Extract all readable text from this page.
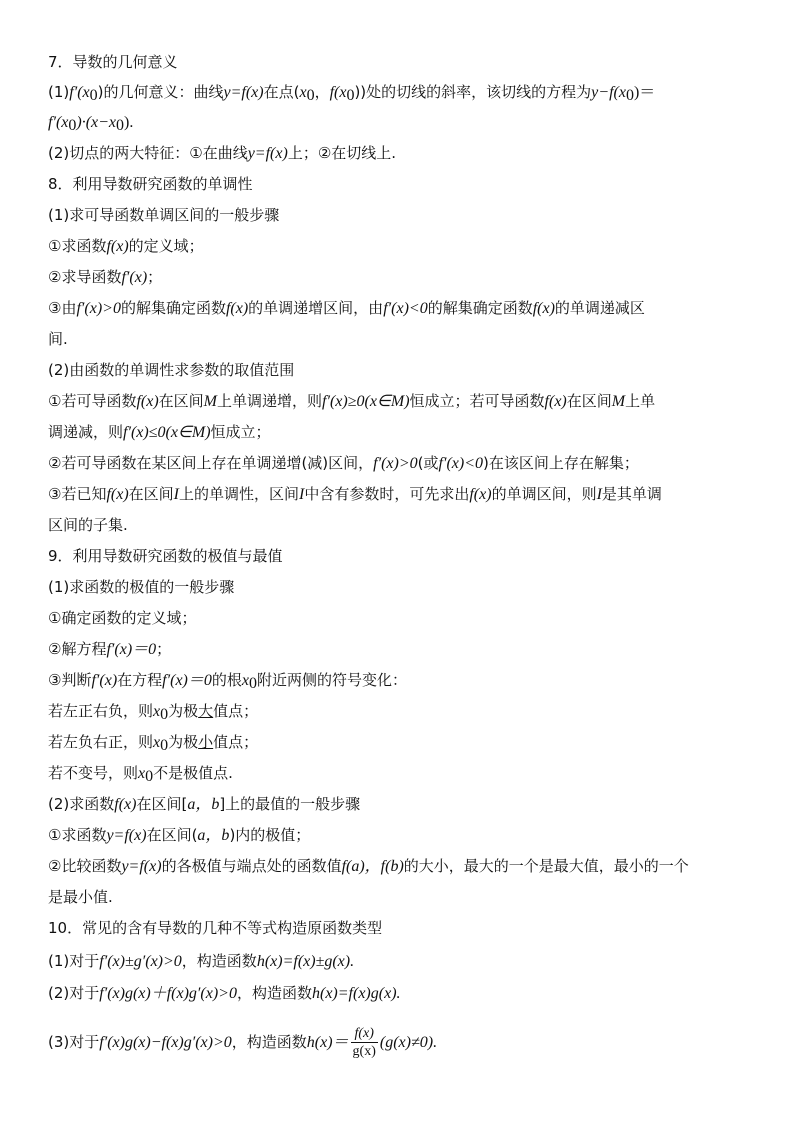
7．导数的几何意义
$(1)f'(x_0)$的几何意义：曲线y=f(x)在点($x_0$，$f(x_0)$)处的切线的斜率，该切线的方程为$y-f(x_0)=$
$f'(x_0)\cdot(x-x_0)$.
(2)切点的两大特征：①在曲线y=f(x)上；②在切线上.
8．利用导数研究函数的单调性
(1)求可导函数单调区间的一般步骤
①求函数f(x)的定义域；
②求导函数f′(x)；
③由f′(x)>0的解集确定函数f(x)的单调递增区间，由f′(x)<0的解集确定函数f(x)的单调递减区
间.
(2)由函数的单调性求参数的取值范围
①若可导函数f(x)在区间M上单调递增，则f′(x)≥0(x∈M)恒成立；若可导函数f(x)在区间M上单
调递减，则f′(x)≤0(x∈M)恒成立；
②若可导函数在某区间上存在单调递增(减)区间，f′(x)>0(或f′(x)<0)在该区间上存在解集；
③若已知f(x)在区间I上的单调性，区间I中含有参数时，可先求出f(x)的单调区间，则I是其单调
区间的子集.
9．利用导数研究函数的极值与最值
(1)求函数的极值的一般步骤
①确定函数的定义域；
②解方程f′(x)＝0；
③判断f′(x)在方程f′(x)＝0的根$x_0$附近两侧的符号变化：
若左正右负，则$x_0$为极大值点；
若左负右正，则$x_0$为极小值点；
若不变号，则$x_0$不是极值点.
(2)求函数f(x)在区间[a，b]上的最值的一般步骤
①求函数y=f(x)在区间(a，b)内的极值；
②比较函数y=f(x)的各极值与端点处的函数值f(a)，f(b)的大小，最大的一个是最大值，最小的一个
是最小值.
10．常见的含有导数的几种不等式构造原函数类型
(1)对于f′(x)±g′(x)>0，构造函数h(x)=f(x)±g(x).
(2)对于f′(x)g(x)＋f(x)g′(x)>0，构造函数h(x)=f(x)g(x).
(3)对于f′(x)g(x)−f(x)g′(x)>0，构造函数$h(x)= \frac{f(x)}{g(x)} (g(x)\ne 0)$.
